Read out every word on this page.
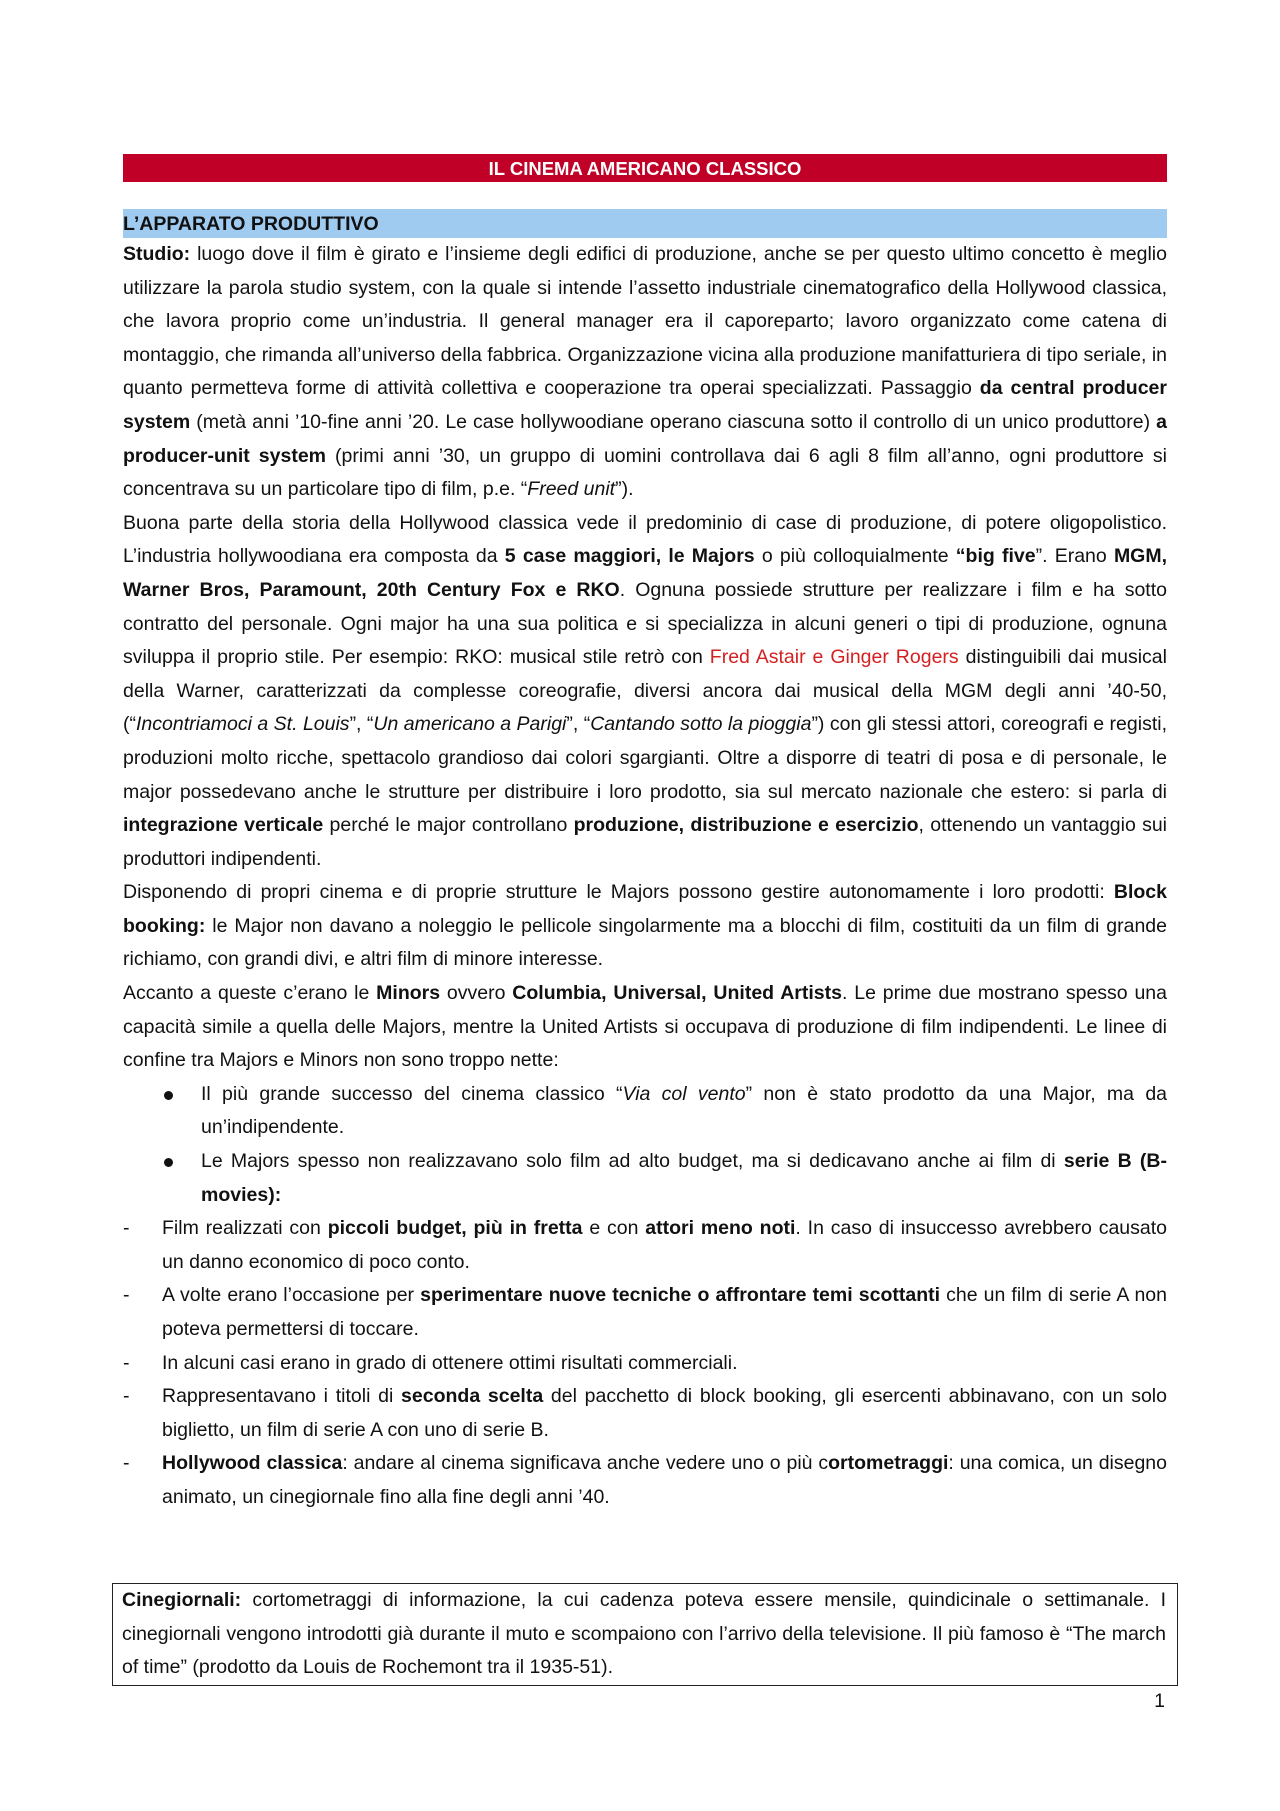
IL CINEMA AMERICANO CLASSICO
L’APPARATO PRODUTTIVO

Studio: luogo dove il film è girato e l’insieme degli edifici di produzione, anche se per questo ultimo concetto è meglio utilizzare la parola studio system, con la quale si intende l’assetto industriale cinematografico della Hollywood classica, che lavora proprio come un’industria. Il general manager era il caporeparto; lavoro organizzato come catena di montaggio, che rimanda all’universo della fabbrica. Organizzazione vicina alla produzione manifatturiera di tipo seriale, in quanto permetteva forme di attività collettiva e cooperazione tra operai specializzati. Passaggio da central producer system (metà anni ’10-fine anni ’20. Le case hollywoodiane operano ciascuna sotto il controllo di un unico produttore) a producer-unit system (primi anni ’30, un gruppo di uomini controllava dai 6 agli 8 film all’anno, ogni produttore si concentrava su un particolare tipo di film, p.e. “Freed unit”).

Buona parte della storia della Hollywood classica vede il predominio di case di produzione, di potere oligopolistico. L’industria hollywoodiana era composta da 5 case maggiori, le Majors o più colloquialmente “big five”. Erano MGM, Warner Bros, Paramount, 20th Century Fox e RKO. Ognuna possiede strutture per realizzare i film e ha sotto contratto del personale. Ogni major ha una sua politica e si specializza in alcuni generi o tipi di produzione, ognuna sviluppa il proprio stile. Per esempio: RKO: musical stile retrò con Fred Astair e Ginger Rogers distinguibili dai musical della Warner, caratterizzati da complesse coreografie, diversi ancora dai musical della MGM degli anni ’40-50, (“Incontriamoci a St. Louis”, “Un americano a Parigi”, “Cantando sotto la pioggia”) con gli stessi attori, coreografi e registi, produzioni molto ricche, spettacolo grandioso dai colori sgargianti. Oltre a disporre di teatri di posa e di personale, le major possedevano anche le strutture per distribuire i loro prodotto, sia sul mercato nazionale che estero: si parla di integrazione verticale perché le major controllano produzione, distribuzione e esercizio, ottenendo un vantaggio sui produttori indipendenti.

Disponendo di propri cinema e di proprie strutture le Majors possono gestire autonomamente i loro prodotti: Block booking: le Major non davano a noleggio le pellicole singolarmente ma a blocchi di film, costituiti da un film di grande richiamo, con grandi divi, e altri film di minore interesse.

Accanto a queste c’erano le Minors ovvero Columbia, Universal, United Artists. Le prime due mostrano spesso una capacità simile a quella delle Majors, mentre la United Artists si occupava di produzione di film indipendenti. Le linee di confine tra Majors e Minors non sono troppo nette:

Il più grande successo del cinema classico “Via col vento” non è stato prodotto da una Major, ma da un’indipendente.
Le Majors spesso non realizzavano solo film ad alto budget, ma si dedicavano anche ai film di serie B (B-movies):
- Film realizzati con piccoli budget, più in fretta e con attori meno noti. In caso di insuccesso avrebbero causato un danno economico di poco conto.
- A volte erano l’occasione per sperimentare nuove tecniche o affrontare temi scottanti che un film di serie A non poteva permettersi di toccare.
- In alcuni casi erano in grado di ottenere ottimi risultati commerciali.
- Rappresentavano i titoli di seconda scelta del pacchetto di block booking, gli esercenti abbinavano, con un solo biglietto, un film di serie A con uno di serie B.
- Hollywood classica: andare al cinema significava anche vedere uno o più cortometraggi: una comica, un disegno animato, un cinegiornale fino alla fine degli anni ’40.
Cinegiornali: cortometraggi di informazione, la cui cadenza poteva essere mensile, quindicinale o settimanale. I cinegiornali vengono introdotti già durante il muto e scompaiono con l’arrivo della televisione. Il più famoso è “The march of time” (prodotto da Louis de Rochemont tra il 1935-51).
1
